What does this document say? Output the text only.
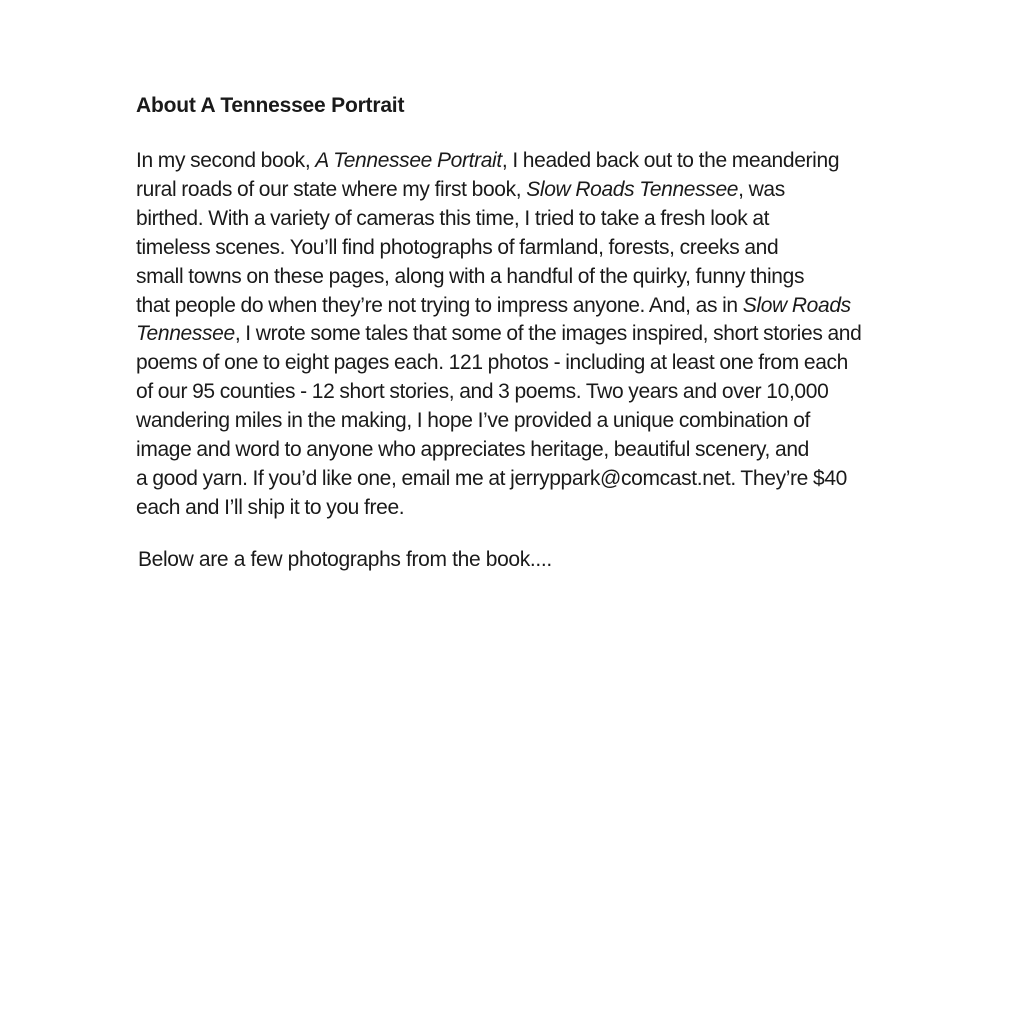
About A Tennessee Portrait
In my second book, A Tennessee Portrait, I headed back out to the meandering
rural roads of our state where my first book, Slow Roads Tennessee, was
birthed. With a variety of cameras this time, I tried to take a fresh look at
timeless scenes. You’ll find photographs of farmland, forests, creeks and
small towns on these pages, along with a handful of the quirky, funny things
that people do when they’re not trying to impress anyone. And, as in Slow Roads
Tennessee, I wrote some tales that some of the images inspired, short stories and
poems of one to eight pages each. 121 photos - including at least one from each
of our 95 counties - 12 short stories, and 3 poems. Two years and over 10,000
wandering miles in the making, I hope I’ve provided a unique combination of
image and word to anyone who appreciates heritage, beautiful scenery, and
a good yarn. If you’d like one, email me at jerryppark@comcast.net. They’re $40
each and I’ll ship it to you free.
Below are a few photographs from the book....
